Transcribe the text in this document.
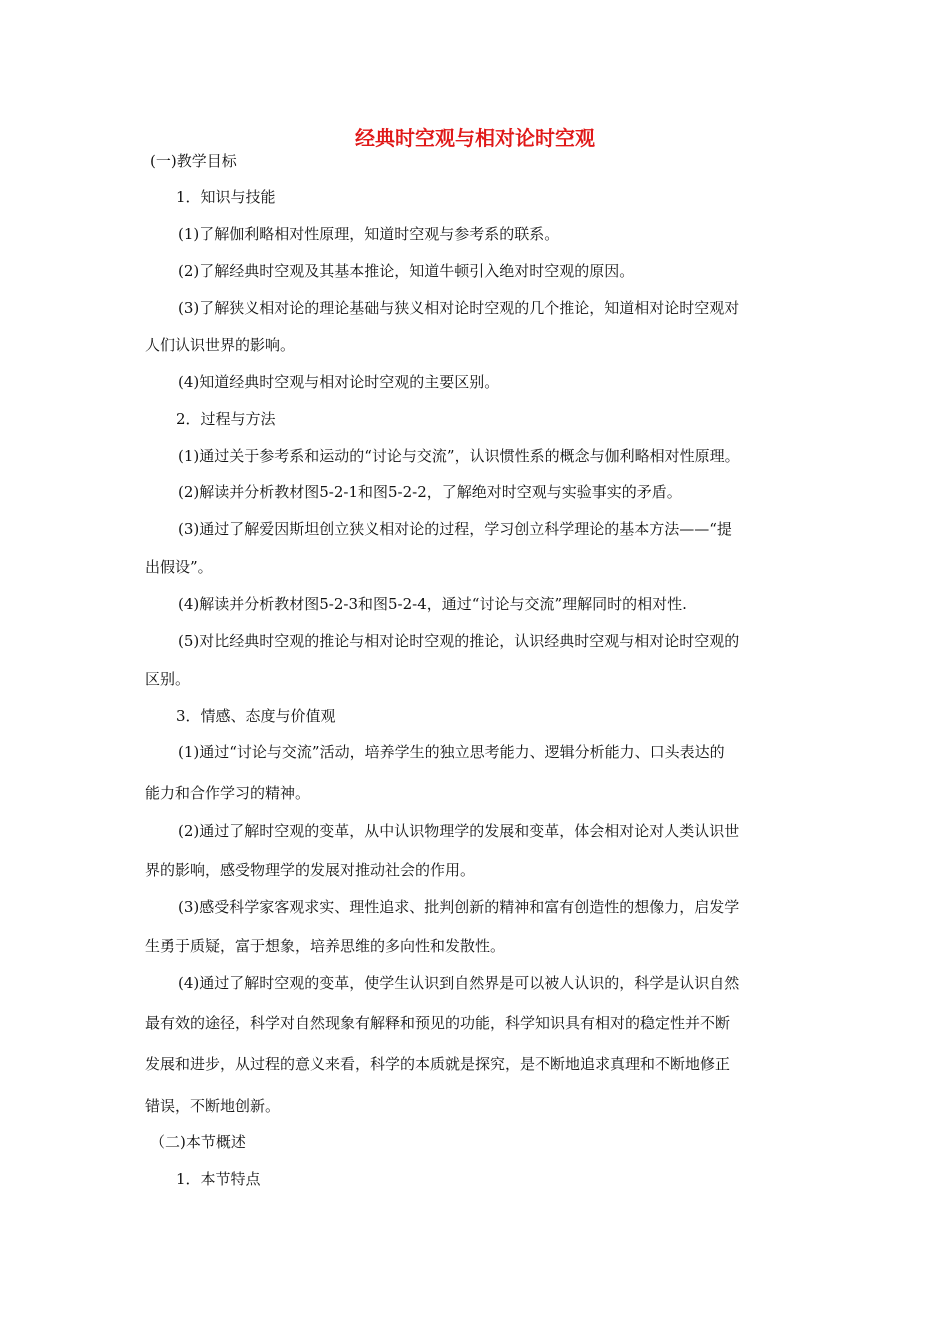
经典时空观与相对论时空观

(一)教学目标

1．知识与技能

(1)了解伽利略相对性原理，知道时空观与参考系的联系。

(2)了解经典时空观及其基本推论，知道牛顿引入绝对时空观的原因。

(3)了解狭义相对论的理论基础与狭义相对论时空观的几个推论，知道相对论时空观对

人们认识世界的影响。

(4)知道经典时空观与相对论时空观的主要区别。

2．过程与方法

(1)通过关于参考系和运动的“讨论与交流”，认识惯性系的概念与伽利略相对性原理。

(2)解读并分析教材图5-2-1和图5-2-2，了解绝对时空观与实验事实的矛盾。

(3)通过了解爱因斯坦创立狭义相对论的过程，学习创立科学理论的基本方法——“提

出假设”。

(4)解读并分析教材图5-2-3和图5-2-4，通过“讨论与交流”理解同时的相对性.

(5)对比经典时空观的推论与相对论时空观的推论，认识经典时空观与相对论时空观的

区别。

3．情感、态度与价值观

(1)通过“讨论与交流”活动，培养学生的独立思考能力、逻辑分析能力、口头表达的

能力和合作学习的精神。

(2)通过了解时空观的变革，从中认识物理学的发展和变革，体会相对论对人类认识世

界的影响，感受物理学的发展对推动社会的作用。

(3)感受科学家客观求实、理性追求、批判创新的精神和富有创造性的想像力，启发学

生勇于质疑，富于想象，培养思维的多向性和发散性。

(4)通过了解时空观的变革，使学生认识到自然界是可以被人认识的，科学是认识自然

最有效的途径，科学对自然现象有解释和预见的功能，科学知识具有相对的稳定性并不断

发展和进步，从过程的意义来看，科学的本质就是探究，是不断地追求真理和不断地修正

错误，不断地创新。

（二)本节概述

1．本节特点
